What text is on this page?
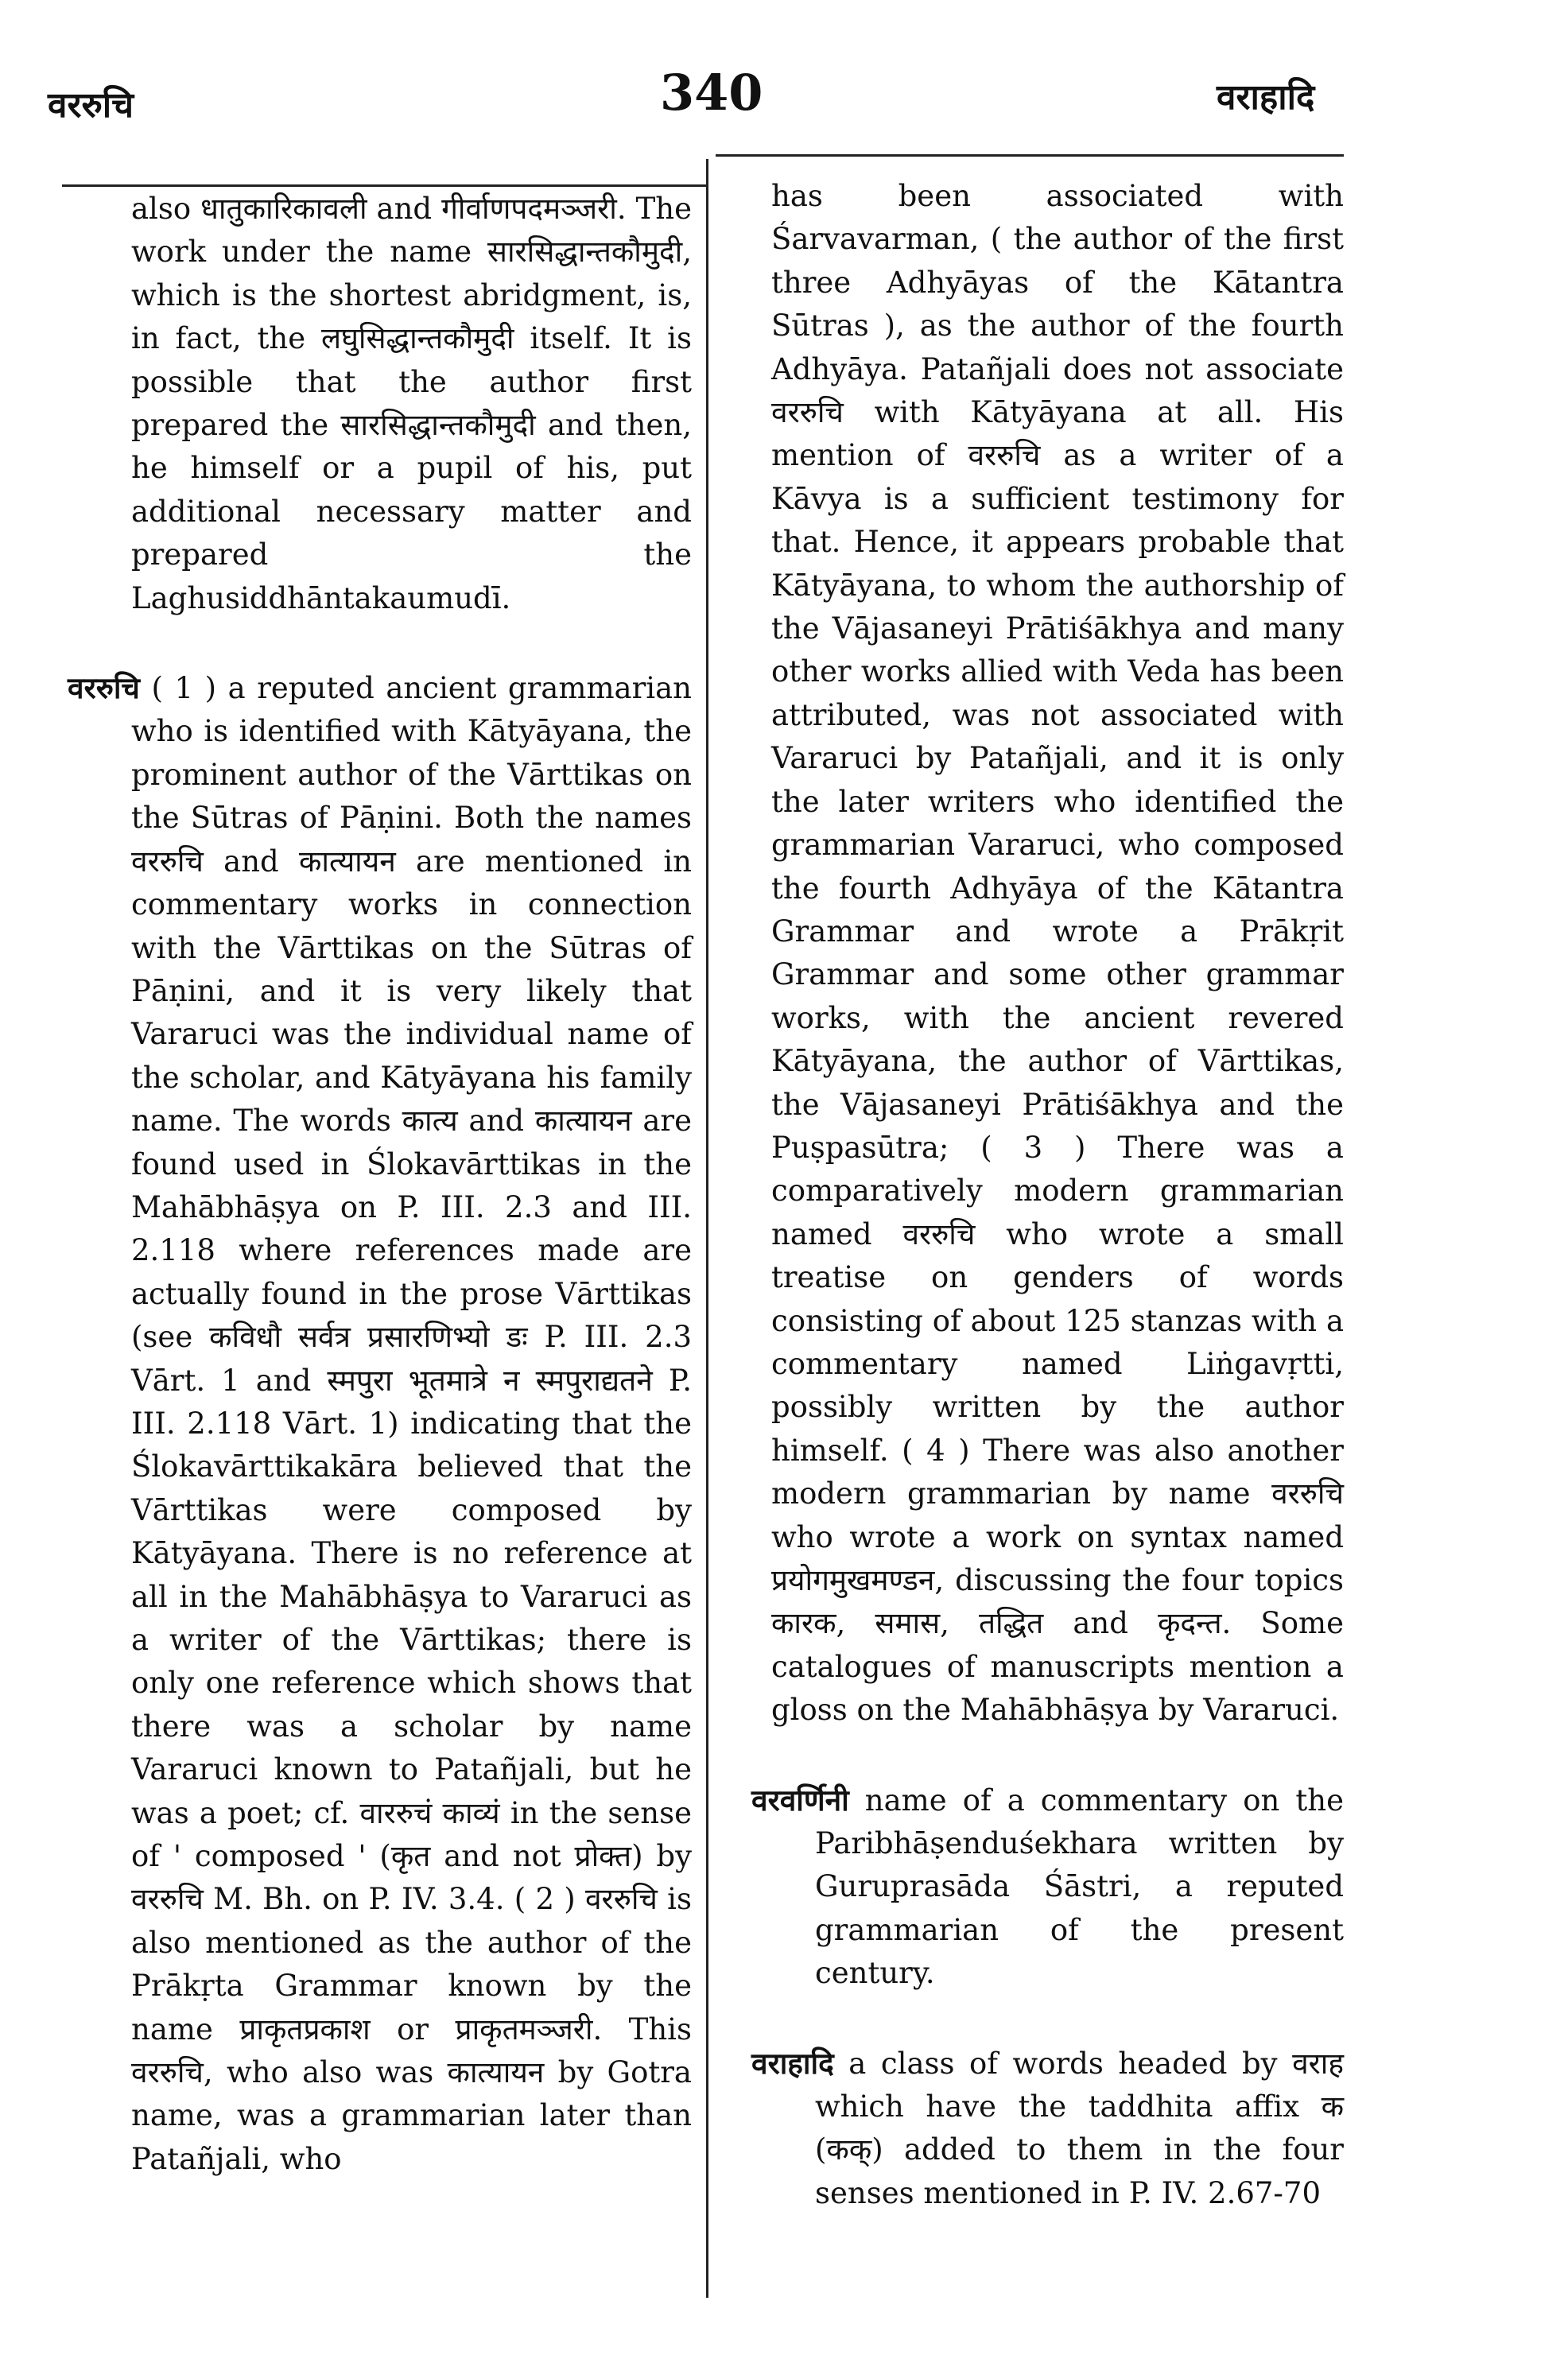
वररुचि	340	वराहादि

also धातुकारिकावली and गीर्वाणपदमञ्जरी. The work under the name सारसिद्धान्तकौमुदी, which is the shortest abridgment, is, in fact, the लघुसिद्धान्तकौमुदी itself. It is possible that the author first prepared the सारसिद्धान्तकौमुदी and then, he himself or a pupil of his, put additional necessary matter and prepared the Laghusiddhāntakaumudī.

वररुचि ( 1 ) a reputed ancient grammarian who is identified with Kātyāyana, the prominent author of the Vārttikas on the Sūtras of Pāṇini. Both the names वररुचि and कात्यायन are mentioned in commentary works in connection with the Vārttikas on the Sūtras of Pāṇini, and it is very likely that Vararuci was the individual name of the scholar, and Kātyāyana his family name. The words कात्य and कात्यायन are found used in Ślokavārttikas in the Mahābhāṣya on P. III. 2.3 and III. 2.118 where references made are actually found in the prose Vārttikas (see कविधौ सर्वत्र प्रसारणिभ्यो डः P. III. 2.3 Vārt. 1 and स्मपुरा भूतमात्रे न स्मपुराद्यतने P. III. 2.118 Vārt. 1) indicating that the Ślokavārttikakāra believed that the Vārttikas were composed by Kātyāyana. There is no reference at all in the Mahābhāṣya to Vararuci as a writer of the Vārttikas; there is only one reference which shows that there was a scholar by name Vararuci known to Patañjali, but he was a poet; cf. वाररुचं काव्यं in the sense of ' composed ' (कृत and not प्रोक्त) by वररुचि M. Bh. on P. IV. 3.4. ( 2 ) वररुचि is also mentioned as the author of the Prākṛta Grammar known by the name प्राकृतप्रकाश or प्राकृतमञ्जरी. This वररुचि, who also was कात्यायन by Gotra name, was a grammarian later than Patañjali, who

has been associated with Śarvavarman, ( the author of the first three Adhyāyas of the Kātantra Sūtras ), as the author of the fourth Adhyāya. Patañjali does not associate वररुचि with Kātyāyana at all. His mention of वररुचि as a writer of a Kāvya is a sufficient testimony for that. Hence, it appears probable that Kātyāyana, to whom the authorship of the Vājasaneyi Prātiśākhya and many other works allied with Veda has been attributed, was not associated with Vararuci by Patañjali, and it is only the later writers who identified the grammarian Vararuci, who composed the fourth Adhyāya of the Kātantra Grammar and wrote a Prākṛit Grammar and some other grammar works, with the ancient revered Kātyāyana, the author of Vārttikas, the Vājasaneyi Prātiśākhya and the Puṣpasūtra; ( 3 ) There was a comparatively modern grammarian named वररुचि who wrote a small treatise on genders of words consisting of about 125 stanzas with a commentary named Liṅgavṛtti, possibly written by the author himself. ( 4 ) There was also another modern grammarian by name वररुचि who wrote a work on syntax named प्रयोगमुखमण्डन, discussing the four topics कारक, समास, तद्धित and कृदन्त. Some catalogues of manuscripts mention a gloss on the Mahābhāṣya by Vararuci.

वरवर्णिनी name of a commentary on the Paribhāṣenduśekhara written by Guruprasāda Śāstri, a reputed grammarian of the present century.

वराहादि a class of words headed by वराह which have the taddhita affix क (कक्) added to them in the four senses mentioned in P. IV. 2.67-70
